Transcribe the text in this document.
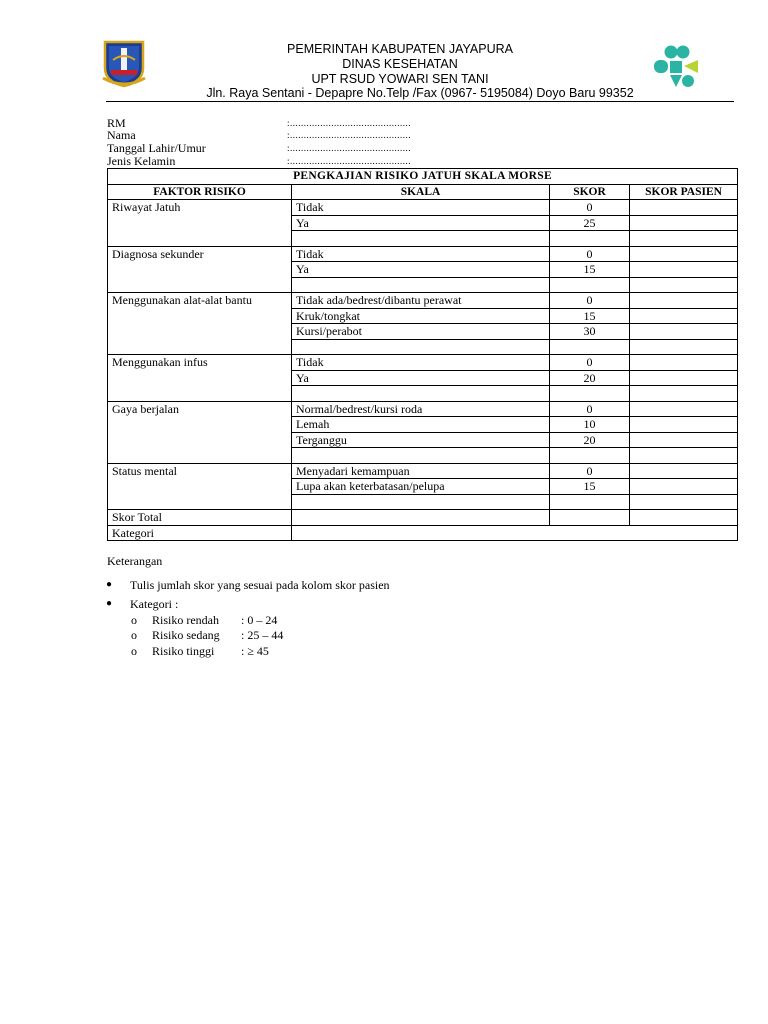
PEMERINTAH KABUPATEN JAYAPURA
DINAS KESEHATAN
UPT RSUD YOWARI SEN TANI
Jln. Raya Sentani - Depapre No.Telp /Fax (0967- 5195084) Doyo Baru 99352
RM	:............................................
Nama	:............................................
Tanggal Lahir/Umur	:............................................
Jenis Kelamin	:............................................
PENGKAJIAN RISIKO JATUH SKALA MORSE			
FAKTOR RISIKO	SKALA	SKOR	SKOR PASIEN
Riwayat Jatuh	Tidak	0	
	Ya	25	

Diagnosa sekunder	Tidak	0	
	Ya	15	

Menggunakan alat-alat bantu	Tidak ada/bedrest/dibantu perawat	0	
	Kruk/tongkat	15	
	Kursi/perabot	30	

Menggunakan infus	Tidak	0	
	Ya	20	

Gaya berjalan	Normal/bedrest/kursi roda	0	
	Lemah	10	
	Terganggu	20	

Status mental	Menyadari kemampuan	0	
	Lupa akan keterbatasan/pelupa	15	

Skor Total			
Kategori			
Keterangan
● Tulis jumlah skor yang sesuai pada kolom skor pasien
● Kategori :
o Risiko rendah : 0 – 24
o Risiko sedang : 25 – 44
o Risiko tinggi : ≥ 45
